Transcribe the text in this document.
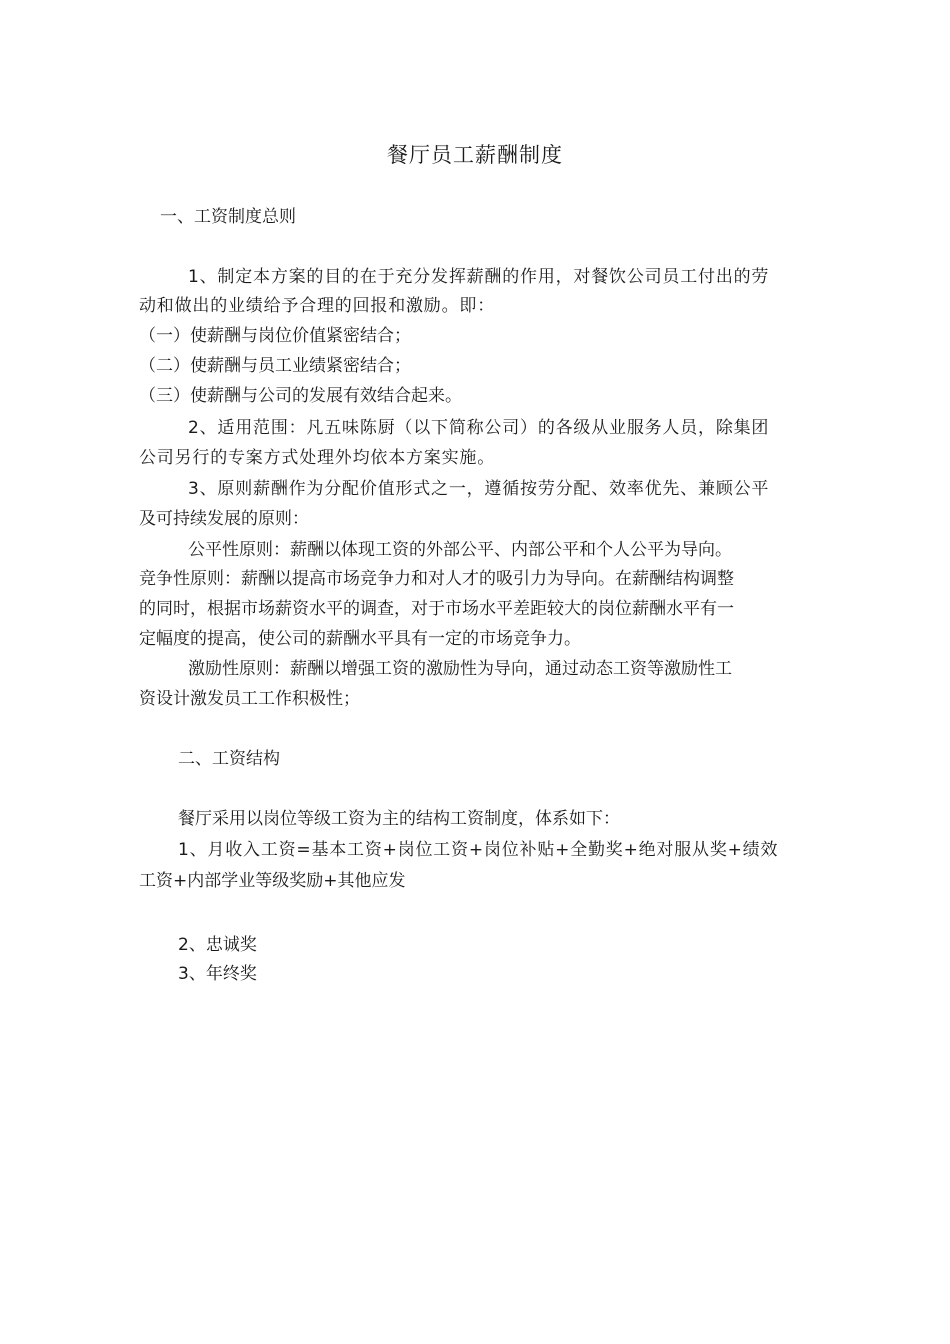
餐厅员工薪酬制度
一、工资制度总则
1、制定本方案的目的在于充分发挥薪酬的作用，对餐饮公司员工付出的劳
动和做出的业绩给予合理的回报和激励。即：
（一）使薪酬与岗位价值紧密结合；
（二）使薪酬与员工业绩紧密结合；
（三）使薪酬与公司的发展有效结合起来。
2、适用范围：凡五味陈厨（以下简称公司）的各级从业服务人员，除集团
公司另行的专案方式处理外均依本方案实施。
3、原则薪酬作为分配价值形式之一，遵循按劳分配、效率优先、兼顾公平
及可持续发展的原则：
公平性原则：薪酬以体现工资的外部公平、内部公平和个人公平为导向。
竞争性原则：薪酬以提高市场竞争力和对人才的吸引力为导向。在薪酬结构调整
的同时，根据市场薪资水平的调查，对于市场水平差距较大的岗位薪酬水平有一
定幅度的提高，使公司的薪酬水平具有一定的市场竞争力。
激励性原则：薪酬以增强工资的激励性为导向，通过动态工资等激励性工
资设计激发员工工作积极性；
二、工资结构
餐厅采用以岗位等级工资为主的结构工资制度，体系如下：
1、月收入工资=基本工资+岗位工资+岗位补贴+全勤奖+绝对服从奖+绩效
工资+内部学业等级奖励+其他应发
2、忠诚奖
3、年终奖
